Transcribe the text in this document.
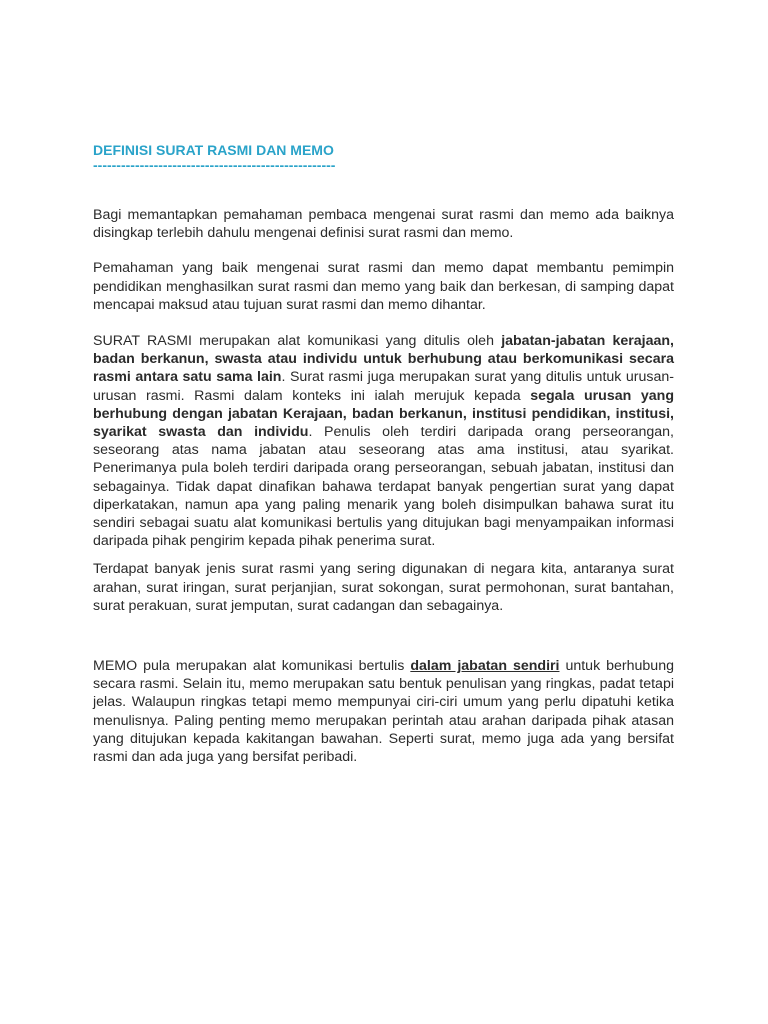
DEFINISI SURAT RASMI DAN MEMO
----------------------------------------------------

Bagi memantapkan pemahaman pembaca mengenai surat rasmi dan memo ada baiknya disingkap terlebih dahulu mengenai definisi surat rasmi dan memo.

Pemahaman yang baik mengenai surat rasmi dan memo dapat membantu pemimpin pendidikan menghasilkan surat rasmi dan memo yang baik dan berkesan, di samping dapat mencapai maksud atau tujuan surat rasmi dan memo dihantar.

SURAT RASMI merupakan alat komunikasi yang ditulis oleh jabatan-jabatan kerajaan, badan berkanun, swasta atau individu untuk berhubung atau berkomunikasi secara rasmi antara satu sama lain. Surat rasmi juga merupakan surat yang ditulis untuk urusan-urusan rasmi. Rasmi dalam konteks ini ialah merujuk kepada segala urusan yang berhubung dengan jabatan Kerajaan, badan berkanun, institusi pendidikan, institusi, syarikat swasta dan individu. Penulis oleh terdiri daripada orang perseorangan, seseorang atas nama jabatan atau seseorang atas ama institusi, atau syarikat. Penerimanya pula boleh terdiri daripada orang perseorangan, sebuah jabatan, institusi dan sebagainya. Tidak dapat dinafikan bahawa terdapat banyak pengertian surat yang dapat diperkatakan, namun apa yang paling menarik yang boleh disimpulkan bahawa surat itu sendiri sebagai suatu alat komunikasi bertulis yang ditujukan bagi menyampaikan informasi daripada pihak pengirim kepada pihak penerima surat.

Terdapat banyak jenis surat rasmi yang sering digunakan di negara kita, antaranya surat arahan, surat iringan, surat perjanjian, surat sokongan, surat permohonan, surat bantahan, surat perakuan, surat jemputan, surat cadangan dan sebagainya.

MEMO pula merupakan alat komunikasi bertulis dalam jabatan sendiri untuk berhubung secara rasmi. Selain itu, memo merupakan satu bentuk penulisan yang ringkas, padat tetapi jelas. Walaupun ringkas tetapi memo mempunyai ciri-ciri umum yang perlu dipatuhi ketika menulisnya. Paling penting memo merupakan perintah atau arahan daripada pihak atasan yang ditujukan kepada kakitangan bawahan. Seperti surat, memo juga ada yang bersifat rasmi dan ada juga yang bersifat peribadi.
